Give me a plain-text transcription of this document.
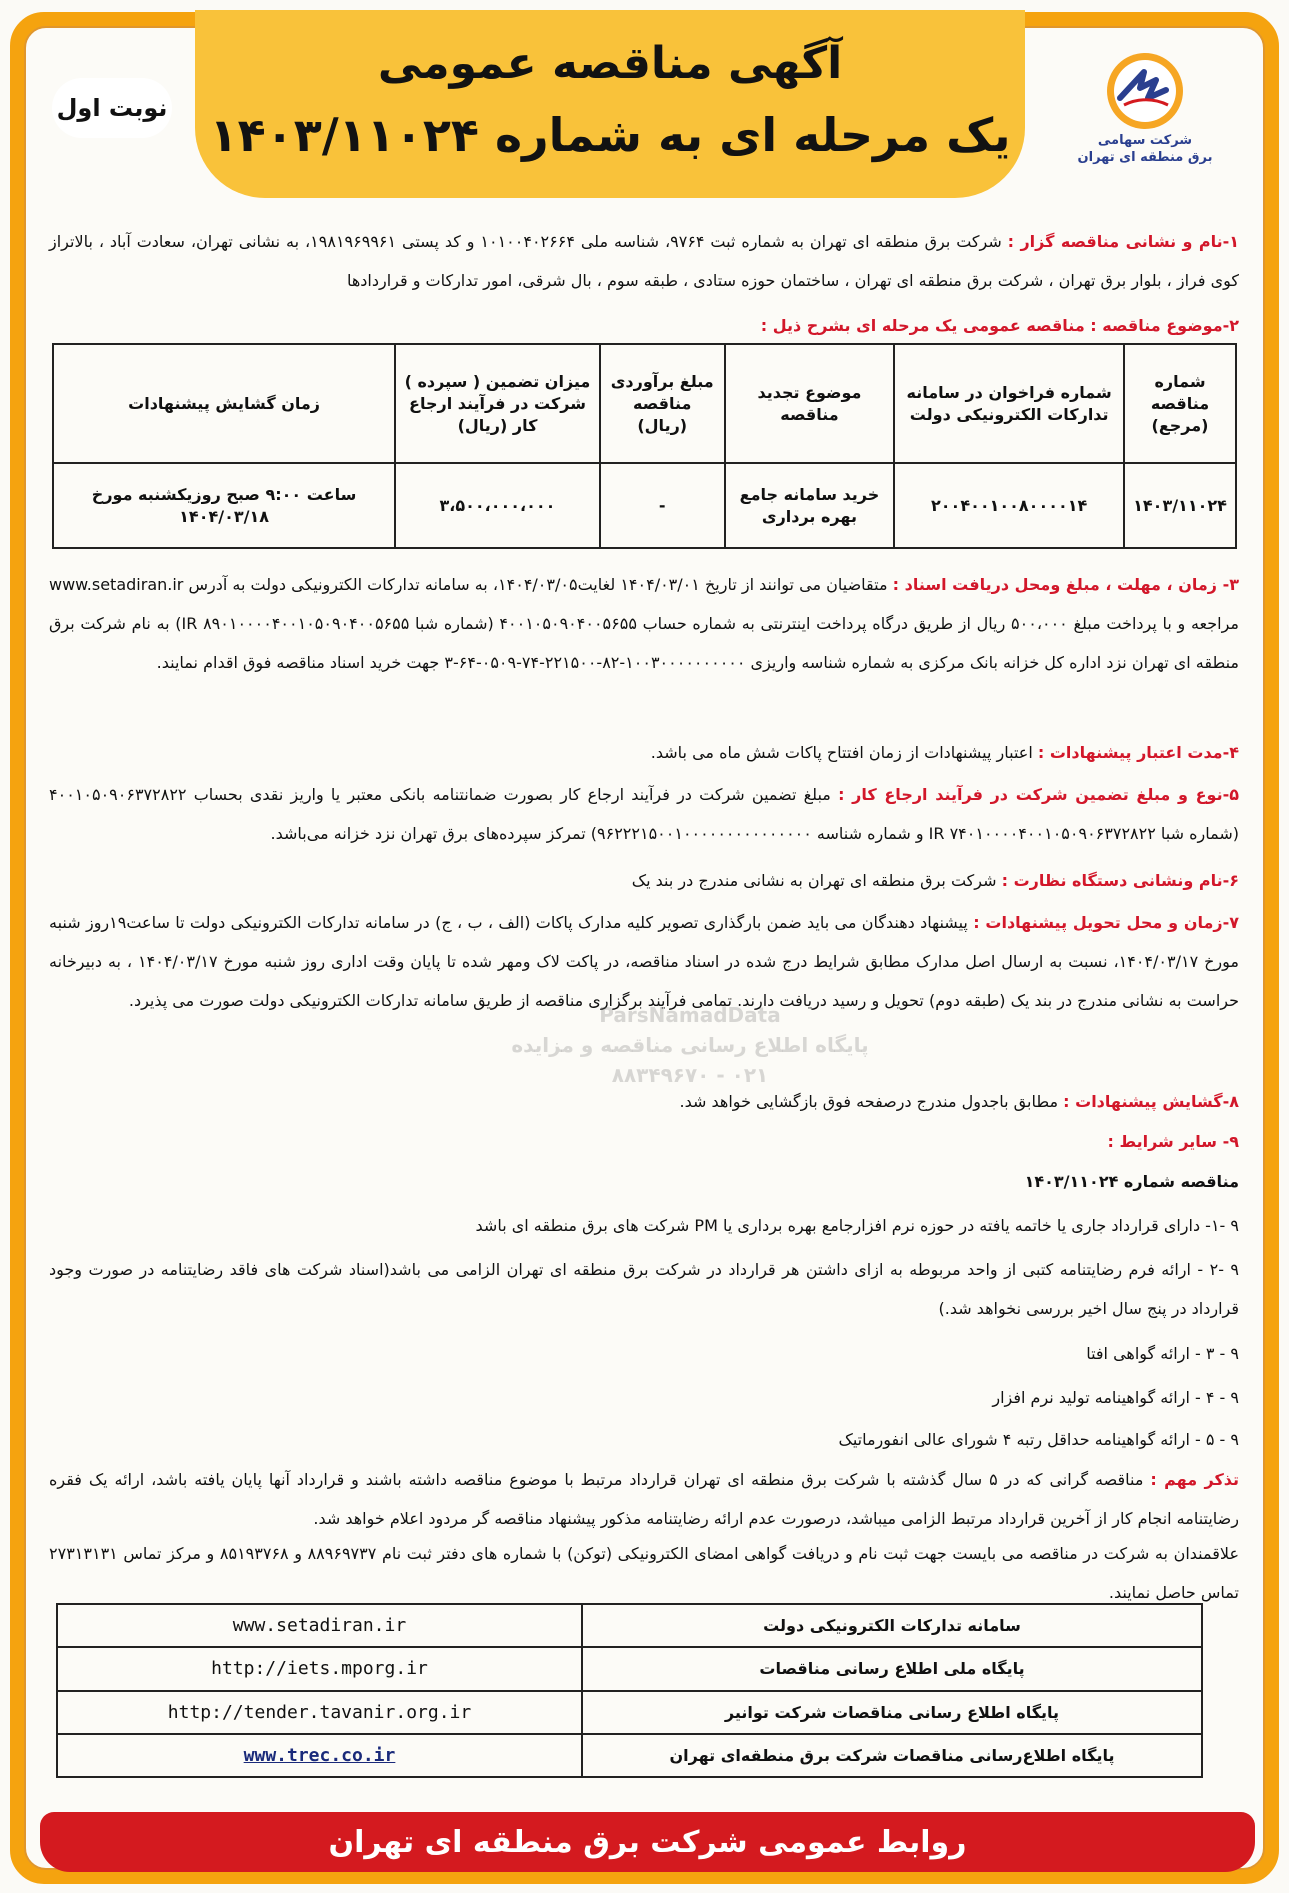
آگهی مناقصه عمومی
یک مرحله ای به شماره ۱۴۰۳/۱۱۰۲۴
نوبت اول
شرکت سهامی
برق منطقه ای تهران
۱-نام و نشانی مناقصه گزار : شرکت برق منطقه ای تهران به شماره ثبت ۹۷۶۴، شناسه ملی ۱۰۱۰۰۴۰۲۶۶۴ و کد پستی ۱۹۸۱۹۶۹۹۶۱، به نشانی تهران، سعادت آباد ، بالاتراز کوی فراز ، بلوار برق تهران ، شرکت برق منطقه ای تهران ، ساختمان حوزه ستادی ، طبقه سوم ، بال شرقی، امور تدارکات و قراردادها
۲-موضوع مناقصه : مناقصه عمومی یک مرحله ای بشرح ذیل :
شماره مناقصه (مرجع)	شماره فراخوان در سامانه تدارکات الکترونیکی دولت	موضوع تجدید مناقصه	مبلغ برآوردی مناقصه (ریال)	میزان تضمین ( سپرده ) شرکت در فرآیند ارجاع کار (ریال)	زمان گشایش پیشنهادات
۱۴۰۳/۱۱۰۲۴	۲۰۰۴۰۰۱۰۰۸۰۰۰۰۱۴	خرید سامانه جامع بهره برداری	-	۳،۵۰۰،۰۰۰،۰۰۰	ساعت ۹:۰۰ صبح روزیکشنبه مورخ ۱۴۰۴/۰۳/۱۸
۳- زمان ، مهلت ، مبلغ ومحل دریافت اسناد : متقاضیان می توانند از تاریخ ۱۴۰۴/۰۳/۰۱ لغایت۱۴۰۴/۰۳/۰۵، به سامانه تدارکات الکترونیکی دولت به آدرس www.setadiran.ir مراجعه و با پرداخت مبلغ ۵۰۰،۰۰۰ ریال از طریق درگاه پرداخت اینترنتی به شماره حساب ۴۰۰۱۰۵۰۹۰۴۰۰۵۶۵۵ (شماره شبا IR ۸۹۰۱۰۰۰۰۴۰۰۱۰۵۰۹۰۴۰۰۵۶۵۵) به نام شرکت برق منطقه ای تهران نزد اداره کل خزانه بانک مرکزی به شماره شناسه واریزی ۱۰۰۳۰۰۰۰۰۰۰۰۰۰-۸۲-۲۲۱۵۰۰-۷۴-۰۵۰۹-۶۴-۳ جهت خرید اسناد مناقصه فوق اقدام نمایند.
۴-مدت اعتبار پیشنهادات : اعتبار پیشنهادات از زمان افتتاح پاکات شش ماه می باشد.
۵-نوع و مبلغ تضمین شرکت در فرآیند ارجاع کار : مبلغ تضمین شرکت در فرآیند ارجاع کار بصورت ضمانتنامه بانکی معتبر یا واریز نقدی بحساب ۴۰۰۱۰۵۰۹۰۶۳۷۲۸۲۲ (شماره شبا IR ۷۴۰۱۰۰۰۰۴۰۰۱۰۵۰۹۰۶۳۷۲۸۲۲ و شماره شناسه ۹۶۲۲۲۱۵۰۰۱۰۰۰۰۰۰۰۰۰۰۰۰۰۰۰) تمرکز سپرده‌های برق تهران نزد خزانه می‌باشد.
۶-نام ونشانی دستگاه نظارت : شرکت برق منطقه ای تهران به نشانی مندرج در بند یک
۷-زمان و محل تحویل پیشنهادات : پیشنهاد دهندگان می باید ضمن بارگذاری تصویر کلیه مدارک پاکات (الف ، ب ، ج) در سامانه تدارکات الکترونیکی دولت تا ساعت۱۹روز شنبه مورخ ۱۴۰۴/۰۳/۱۷، نسبت به ارسال اصل مدارک مطابق شرایط درج شده در اسناد مناقصه، در پاکت لاک ومهر شده تا پایان وقت اداری روز شنبه مورخ ۱۴۰۴/۰۳/۱۷ ، به دبیرخانه حراست به نشانی مندرج در بند یک (طبقه دوم) تحویل و رسید دریافت دارند. تمامی فرآیند برگزاری مناقصه از طریق سامانه تدارکات الکترونیکی دولت صورت می پذیرد.
۸-گشایش پیشنهادات : مطابق باجدول مندرج درصفحه فوق بازگشایی خواهد شد.
۹- سایر شرایط :
مناقصه شماره ۱۴۰۳/۱۱۰۲۴
۹ -۱- دارای قرارداد جاری یا خاتمه یافته در حوزه نرم افزارجامع بهره برداری یا PM شرکت های برق منطقه ای باشد
۹ -۲ - ارائه فرم رضایتنامه کتبی از واحد مربوطه به ازای داشتن هر قرارداد در شرکت برق منطقه ای تهران الزامی می باشد(اسناد شرکت های فاقد رضایتنامه در صورت وجود قرارداد در پنج سال اخیر بررسی نخواهد شد.)
۹ - ۳ - ارائه گواهی افتا
۹ - ۴ - ارائه گواهینامه تولید نرم افزار
۹ - ۵ - ارائه گواهینامه حداقل رتبه ۴ شورای عالی انفورماتیک
تذکر مهم : مناقصه گرانی که در ۵ سال گذشته با شرکت برق منطقه ای تهران قرارداد مرتبط با موضوع مناقصه داشته باشند و قرارداد آنها پایان یافته باشد، ارائه یک فقره رضایتنامه انجام کار از آخرین قرارداد مرتبط الزامی میباشد، درصورت عدم ارائه رضایتنامه مذکور پیشنهاد مناقصه گر مردود اعلام خواهد شد.
علاقمندان به شرکت در مناقصه می بایست جهت ثبت نام و دریافت گواهی امضای الکترونیکی (توکن) با شماره های دفتر ثبت نام ۸۸۹۶۹۷۳۷ و ۸۵۱۹۳۷۶۸ و مرکز تماس ۲۷۳۱۳۱۳۱ تماس حاصل نمایند.
سامانه تدارکات الکترونیکی دولت	www.setadiran.ir
پایگاه ملی اطلاع رسانی مناقصات	http://iets.mporg.ir
پایگاه اطلاع رسانی مناقصات شرکت توانیر	http://tender.tavanir.org.ir
پایگاه اطلاع‌رسانی مناقصات شرکت برق منطقه‌ای تهران	www.trec.co.ir
ParsNamadData
پایگاه اطلاع رسانی مناقصه و مزایده
۰۲۱ - ۸۸۳۴۹۶۷۰
روابط عمومی شرکت برق منطقه ای تهران
